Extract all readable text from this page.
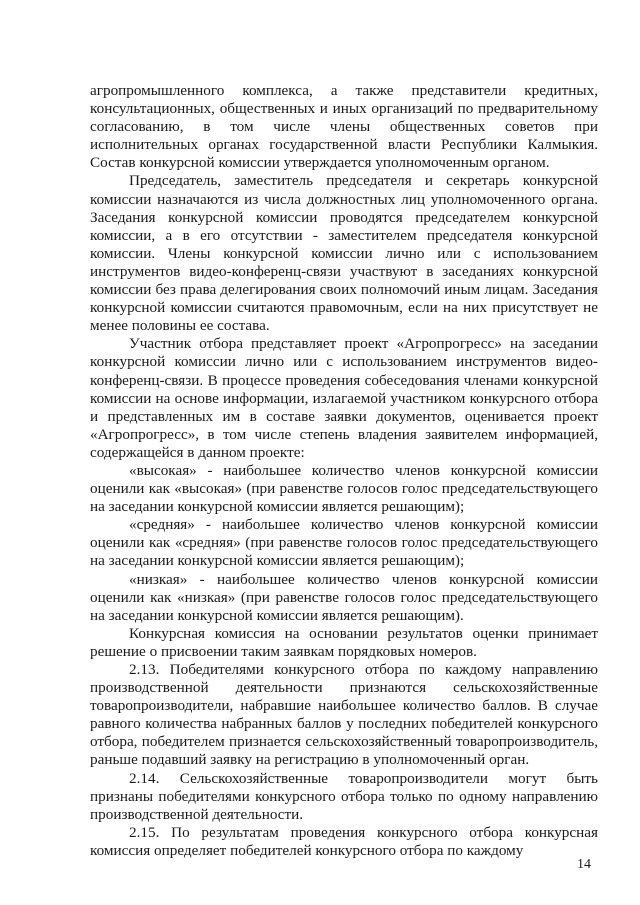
агропромышленного комплекса, а также представители кредитных, консультационных, общественных и иных организаций по предварительному согласованию, в том числе члены общественных советов при исполнительных органах государственной власти Республики Калмыкия. Состав конкурсной комиссии утверждается уполномоченным органом.

Председатель, заместитель председателя и секретарь конкурсной комиссии назначаются из числа должностных лиц уполномоченного органа. Заседания конкурсной комиссии проводятся председателем конкурсной комиссии, а в его отсутствии - заместителем председателя конкурсной комиссии. Члены конкурсной комиссии лично или с использованием инструментов видео-конференц-связи участвуют в заседаниях конкурсной комиссии без права делегирования своих полномочий иным лицам. Заседания конкурсной комиссии считаются правомочным, если на них присутствует не менее половины ее состава.

Участник отбора представляет проект «Агропрогресс» на заседании конкурсной комиссии лично или с использованием инструментов видео-конференц-связи. В процессе проведения собеседования членами конкурсной комиссии на основе информации, излагаемой участником конкурсного отбора и представленных им в составе заявки документов, оценивается проект «Агропрогресс», в том числе степень владения заявителем информацией, содержащейся в данном проекте:

«высокая» - наибольшее количество членов конкурсной комиссии оценили как «высокая» (при равенстве голосов голос председательствующего на заседании конкурсной комиссии является решающим);

«средняя» - наибольшее количество членов конкурсной комиссии оценили как «средняя» (при равенстве голосов голос председательствующего на заседании конкурсной комиссии является решающим);

«низкая» - наибольшее количество членов конкурсной комиссии оценили как «низкая» (при равенстве голосов голос председательствующего на заседании конкурсной комиссии является решающим).

Конкурсная комиссия на основании результатов оценки принимает решение о присвоении таким заявкам порядковых номеров.

2.13. Победителями конкурсного отбора по каждому направлению производственной деятельности признаются сельскохозяйственные товаропроизводители, набравшие наибольшее количество баллов. В случае равного количества набранных баллов у последних победителей конкурсного отбора, победителем признается сельскохозяйственный товаропроизводитель, раньше подавший заявку на регистрацию в уполномоченный орган.

2.14. Сельскохозяйственные товаропроизводители могут быть признаны победителями конкурсного отбора только по одному направлению производственной деятельности.

2.15. По результатам проведения конкурсного отбора конкурсная комиссия определяет победителей конкурсного отбора по каждому

14
